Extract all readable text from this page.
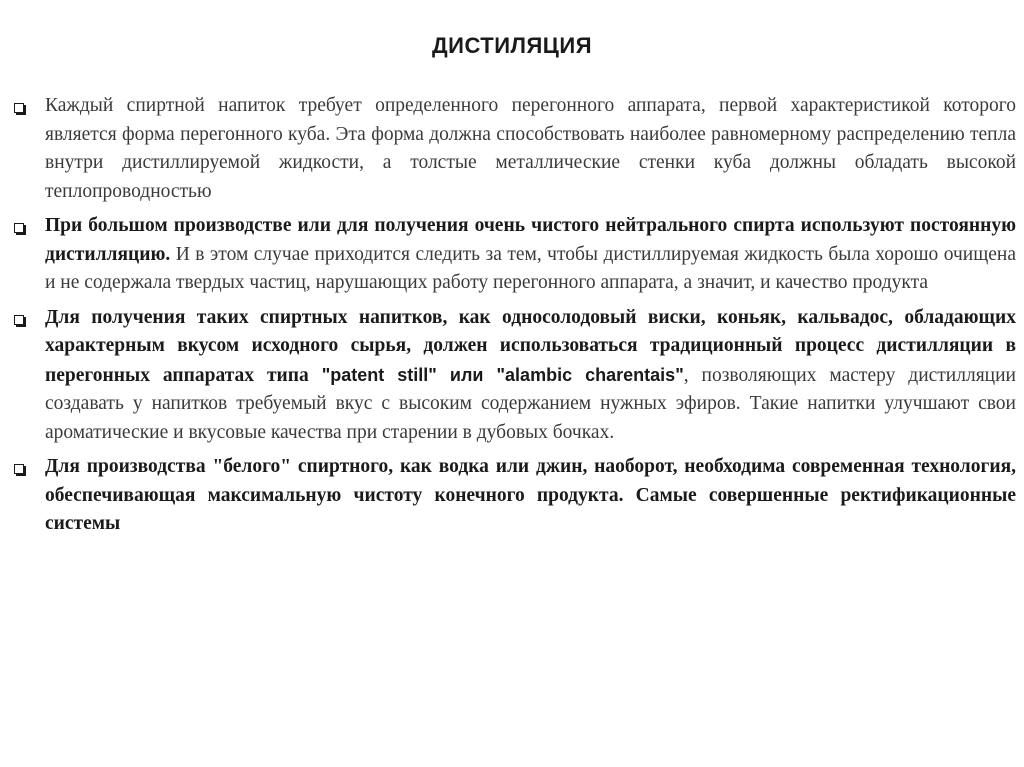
ДИСТИЛЯЦИЯ

Каждый спиртной напиток требует определенного перегонного аппарата, первой характеристикой которого является форма перегонного куба. Эта форма должна способствовать наиболее равномерному распределению тепла внутри дистиллируемой жидкости, а толстые металлические стенки куба должны обладать высокой теплопроводностью

При большом производстве или для получения очень чистого нейтрального спирта используют постоянную дистилляцию. И в этом случае приходится следить за тем, чтобы дистиллируемая жидкость была хорошо очищена и не содержала твердых частиц, нарушающих работу перегонного аппарата, а значит, и качество продукта

Для получения таких спиртных напитков, как односолодовый виски, коньяк, кальвадос, обладающих характерным вкусом исходного сырья, должен использоваться традиционный процесс дистилляции в перегонных аппаратах типа "patent still" или "alambic charentais", позволяющих мастеру дистилляции создавать у напитков требуемый вкус с высоким содержанием нужных эфиров. Такие напитки улучшают свои ароматические и вкусовые качества при старении в дубовых бочках.

Для производства "белого" спиртного, как водка или джин, наоборот, необходима современная технология, обеспечивающая максимальную чистоту конечного продукта. Самые совершенные ректификационные системы
